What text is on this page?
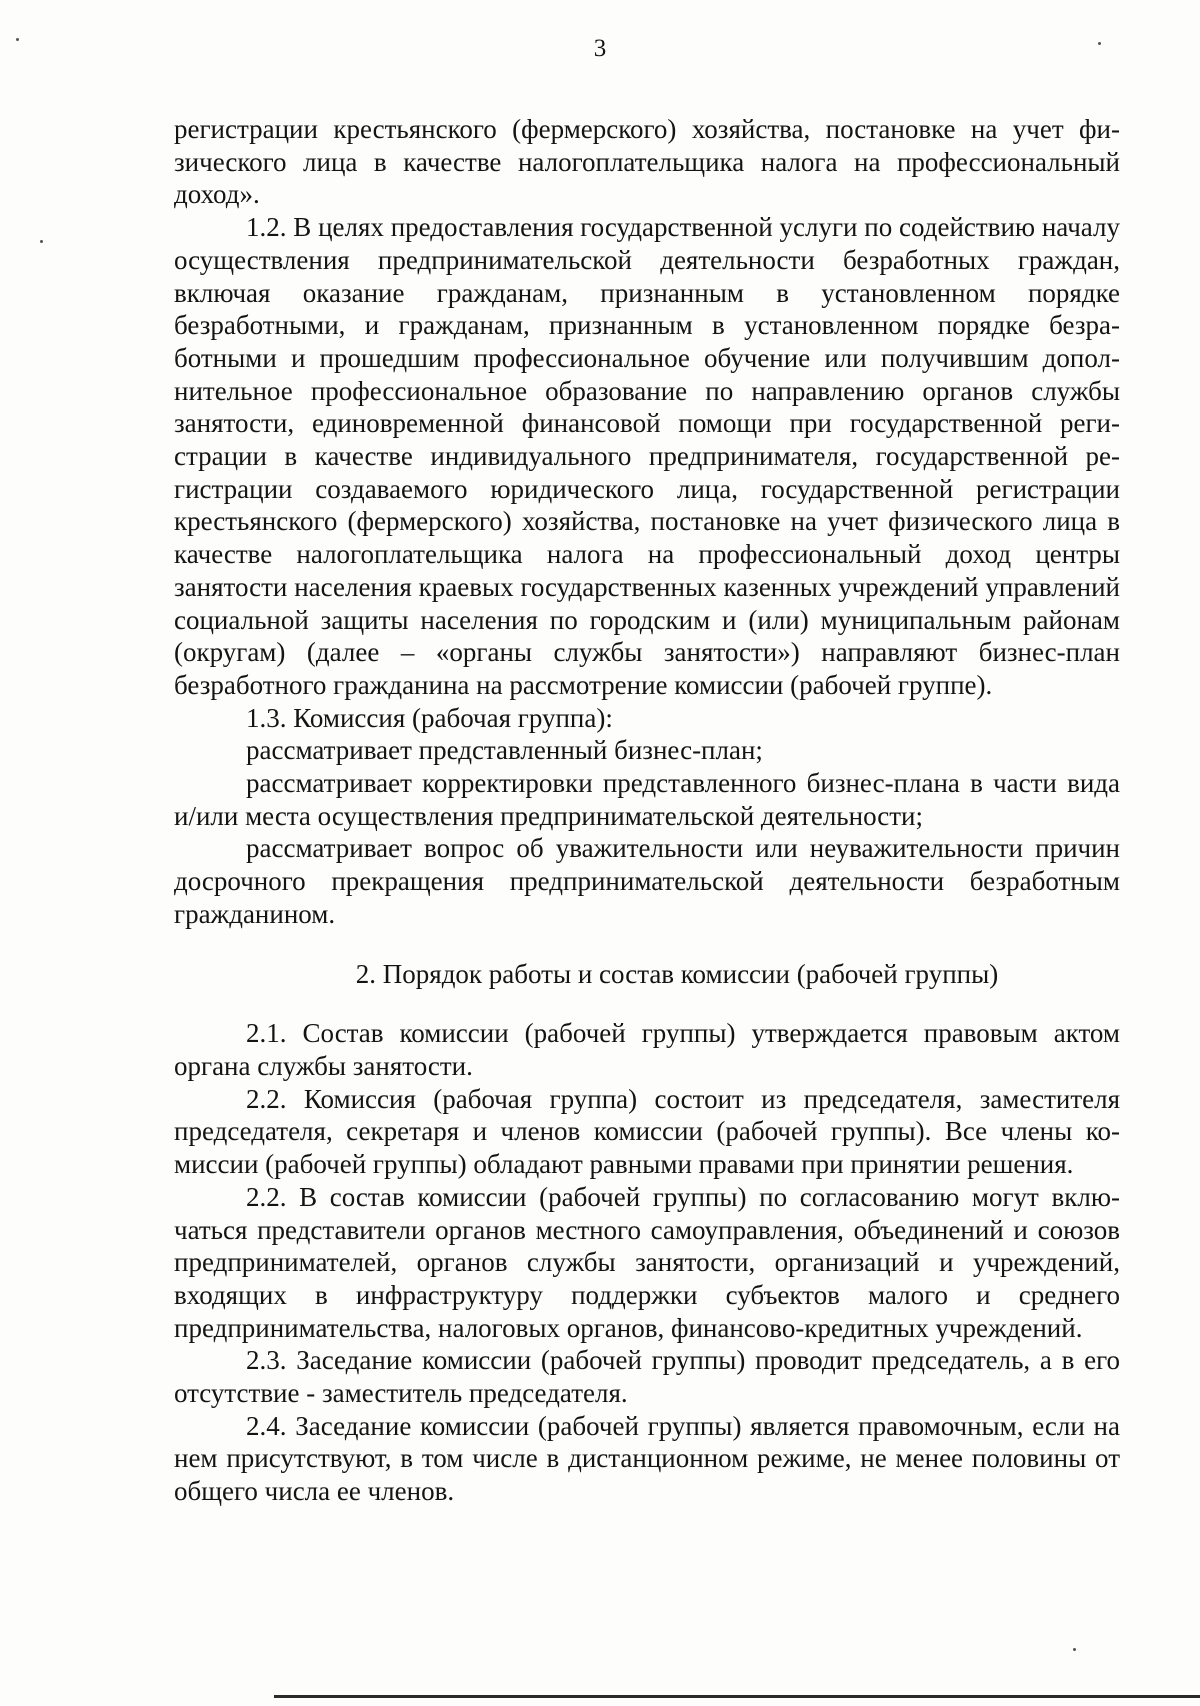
3

регистрации крестьянского (фермерского) хозяйства, постановке на учет физического лица в качестве налогоплательщика налога на профессиональный доход».

1.2. В целях предоставления государственной услуги по содействию началу осуществления предпринимательской деятельности безработных граждан, включая оказание гражданам, признанным в установленном порядке безработными, и гражданам, признанным в установленном порядке безработными и прошедшим профессиональное обучение или получившим дополнительное профессиональное образование по направлению органов службы занятости, единовременной финансовой помощи при государственной регистрации в качестве индивидуального предпринимателя, государственной регистрации создаваемого юридического лица, государственной регистрации крестьянского (фермерского) хозяйства, постановке на учет физического лица в качестве налогоплательщика налога на профессиональный доход центры занятости населения краевых государственных казенных учреждений управлений социальной защиты населения по городским и (или) муниципальным районам (округам) (далее – «органы службы занятости») направляют бизнес-план безработного гражданина на рассмотрение комиссии (рабочей группе).

1.3. Комиссия (рабочая группа):

рассматривает представленный бизнес-план;

рассматривает корректировки представленного бизнес-плана в части вида и/или места осуществления предпринимательской деятельности;

рассматривает вопрос об уважительности или неуважительности причин досрочного прекращения предпринимательской деятельности безработным гражданином.

2. Порядок работы и состав комиссии (рабочей группы)

2.1. Состав комиссии (рабочей группы) утверждается правовым актом органа службы занятости.

2.2. Комиссия (рабочая группа) состоит из председателя, заместителя председателя, секретаря и членов комиссии (рабочей группы). Все члены комиссии (рабочей группы) обладают равными правами при принятии решения.

2.2. В состав комиссии (рабочей группы) по согласованию могут включаться представители органов местного самоуправления, объединений и союзов предпринимателей, органов службы занятости, организаций и учреждений, входящих в инфраструктуру поддержки субъектов малого и среднего предпринимательства, налоговых органов, финансово-кредитных учреждений.

2.3. Заседание комиссии (рабочей группы) проводит председатель, а в его отсутствие - заместитель председателя.

2.4. Заседание комиссии (рабочей группы) является правомочным, если на нем присутствуют, в том числе в дистанционном режиме, не менее половины от общего числа ее членов.
